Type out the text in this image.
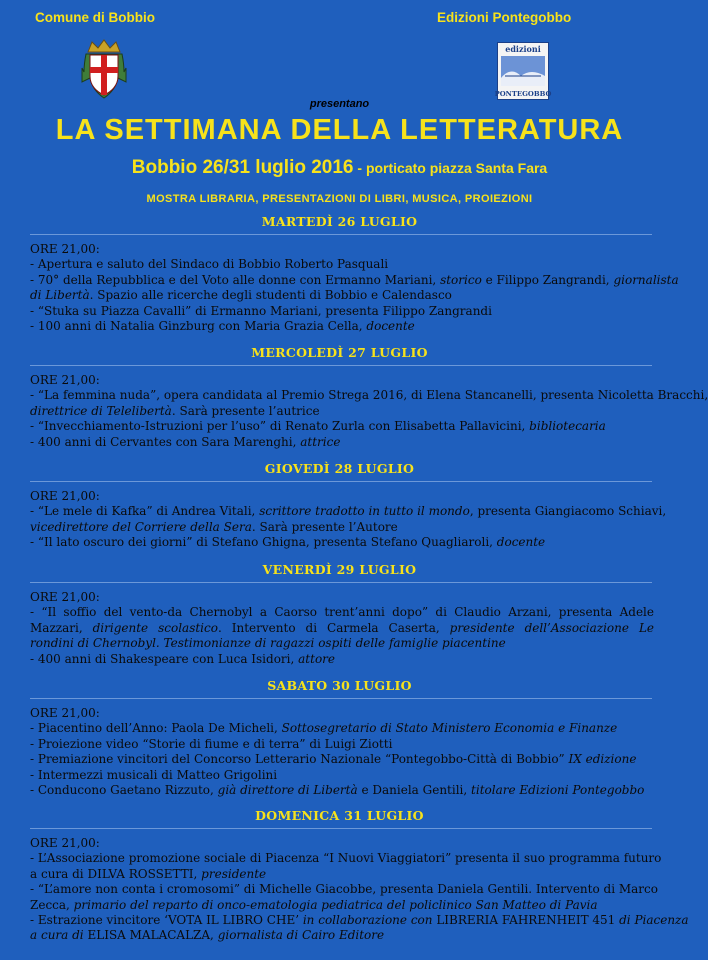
Comune di Bobbio	Edizioni Pontegobbo
edizioni
PONTEGOBBO
presentano
LA SETTIMANA DELLA LETTERATURA
Bobbio 26/31 luglio 2016 - porticato piazza Santa Fara
MOSTRA LIBRARIA, PRESENTAZIONI DI LIBRI, MUSICA, PROIEZIONI
MARTEDÌ 26 LUGLIO
ORE 21,00:
- Apertura e saluto del Sindaco di Bobbio Roberto Pasquali
- 70° della Repubblica e del Voto alle donne con Ermanno Mariani, storico e Filippo Zangrandi, giornalista
di Libertà. Spazio alle ricerche degli studenti di Bobbio e Calendasco
- “Stuka su Piazza Cavalli” di Ermanno Mariani, presenta Filippo Zangrandi
- 100 anni di Natalia Ginzburg con Maria Grazia Cella, docente
MERCOLEDÌ 27 LUGLIO
ORE 21,00:
- “La femmina nuda”, opera candidata al Premio Strega 2016, di Elena Stancanelli, presenta Nicoletta Bracchi,
direttrice di Telelibertà. Sarà presente l’autrice
- “Invecchiamento-Istruzioni per l’uso” di Renato Zurla con Elisabetta Pallavicini, bibliotecaria
- 400 anni di Cervantes con Sara Marenghi, attrice
GIOVEDÌ 28 LUGLIO
ORE 21,00:
- “Le mele di Kafka” di Andrea Vitali, scrittore tradotto in tutto il mondo, presenta Giangiacomo Schiavi,
vicedirettore del Corriere della Sera. Sarà presente l’Autore
- “Il lato oscuro dei giorni” di Stefano Ghigna, presenta Stefano Quagliaroli, docente
VENERDÌ 29 LUGLIO
ORE 21,00:
- “Il soffio del vento-da Chernobyl a Caorso trent’anni dopo” di Claudio Arzani, presenta Adele
Mazzari, dirigente scolastico. Intervento di Carmela Caserta, presidente dell’Associazione Le
rondini di Chernobyl. Testimonianze di ragazzi ospiti delle famiglie piacentine
- 400 anni di Shakespeare con Luca Isidori, attore
SABATO 30 LUGLIO
ORE 21,00:
- Piacentino dell’Anno: Paola De Micheli, Sottosegretario di Stato Ministero Economia e Finanze
- Proiezione video “Storie di fiume e di terra” di Luigi Ziotti
- Premiazione vincitori del Concorso Letterario Nazionale “Pontegobbo-Città di Bobbio” IX edizione
- Intermezzi musicali di Matteo Grigolini
- Conducono Gaetano Rizzuto, già direttore di Libertà e Daniela Gentili, titolare Edizioni Pontegobbo
DOMENICA 31 LUGLIO
ORE 21,00:
- L’Associazione promozione sociale di Piacenza “I Nuovi Viaggiatori” presenta il suo programma futuro
a cura di DILVA ROSSETTI, presidente
- “L’amore non conta i cromosomi” di Michelle Giacobbe, presenta Daniela Gentili. Intervento di Marco
Zecca, primario del reparto di onco-ematologia pediatrica del policlinico San Matteo di Pavia
- Estrazione vincitore ‘VOTA IL LIBRO CHE’ in collaborazione con LIBRERIA FAHRENHEIT 451 di Piacenza
a cura di ELISA MALACALZA, giornalista di Cairo Editore
